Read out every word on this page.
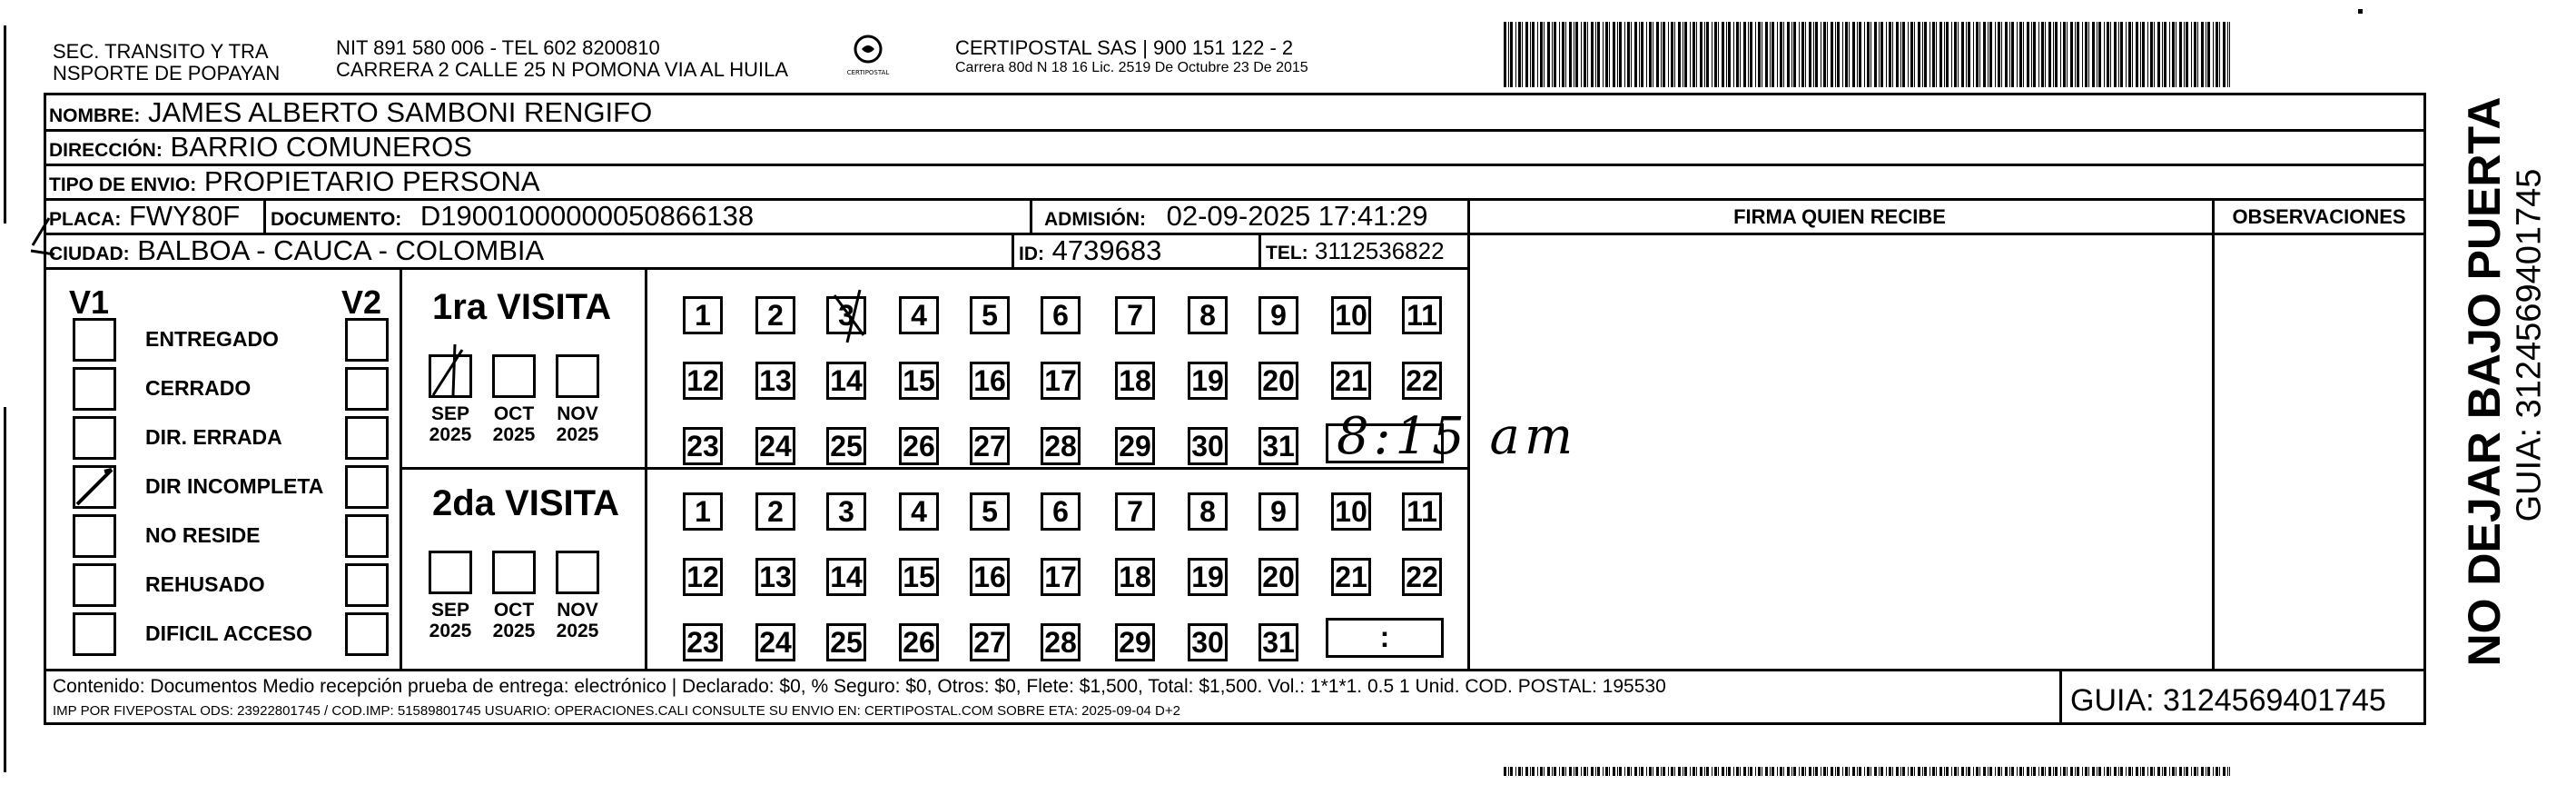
SEC. TRANSITO Y TRA
NSPORTE DE POPAYAN
NIT 891 580 006 - TEL 602 8200810
CARRERA 2 CALLE 25 N POMONA VIA AL HUILA	CERTIPOSTAL
CERTIPOSTAL SAS | 900 151 122 - 2
Carrera 80d N 18 16 Lic. 2519 De Octubre 23 De 2015
NOMBRE: JAMES ALBERTO SAMBONI RENGIFO
DIRECCIÓN: BARRIO COMUNEROS
TIPO DE ENVIO: PROPIETARIO PERSONA
PLACA: FWY80F DOCUMENTO: D19001000000050866138	ADMISIÓN: 02-09-2025 17:41:29
CIUDAD: BALBOA - CAUCA - COLOMBIA	ID: 4739683	TEL: 3112536822
FIRMA QUIEN RECIBE	OBSERVACIONES
V1	V2
ENTREGADO
CERRADO
DIR. ERRADA
DIR INCOMPLETA
NO RESIDE
REHUSADO
DIFICIL ACCESO
1ra VISITA
2da VISITA
SEP
2025
OCT
2025
NOV
2025
SEP
2025
OCT
2025
NOV
2025
1	2	3	4	5	6	7	8	9	10 11
12 13 14 15 16 17 18 19 20 21 22
23 24 25 26 27 28 29 30 31
1	2	3	4	5	6	7	8	9	10 11
12 13 14 15 16 17 18 19 20 21 22
23 24 25 26 27 28 29 30 31
8:15 am
:
Contenido: Documentos Medio recepción prueba de entrega: electrónico | Declarado: $0, % Seguro: $0, Otros: $0, Flete: $1,500, Total: $1,500. Vol.: 1*1*1. 0.5 1 Unid. COD. POSTAL: 195530
IMP POR FIVEPOSTAL ODS: 23922801745 / COD.IMP: 51589801745 USUARIO: OPERACIONES.CALI CONSULTE SU ENVIO EN: CERTIPOSTAL.COM SOBRE ETA: 2025-09-04 D+2	GUIA: 3124569401745
NO DEJAR BAJO PUERTA GUIA: 3124569401745
